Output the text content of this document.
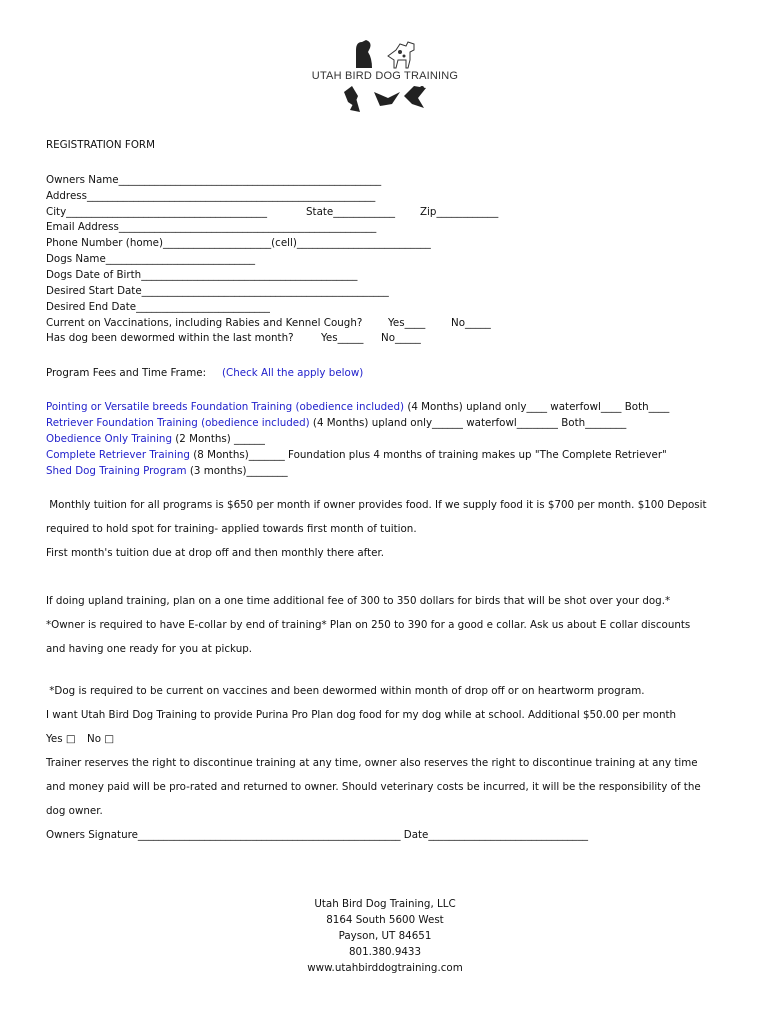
UTAH BIRD DOG TRAINING
REGISTRATION FORM
Owners Name___________________________________________________
Address________________________________________________________
City_______________________________________	State____________ Zip____________
Email Address__________________________________________________
Phone Number (home)_____________________(cell)__________________________
Dogs Name_____________________________
Dogs Date of Birth__________________________________________
Desired Start Date________________________________________________
Desired End Date__________________________
Current on Vaccinations, including Rabies and Kennel Cough? Yes____	No_____
Has dog been dewormed within the last month?	Yes_____ No_____
Program Fees and Time Frame: (Check All the apply below)
Pointing or Versatile breeds Foundation Training (obedience included) (4 Months) upland only____ waterfowl____ Both____
Retriever Foundation Training (obedience included) (4 Months) upland only______ waterfowl________ Both________
Obedience Only Training (2 Months) ______
Complete Retriever Training (8 Months)_______ Foundation plus 4 months of training makes up "The Complete Retriever"
Shed Dog Training Program (3 months)________
Monthly tuition for all programs is $650 per month if owner provides food. If we supply food it is $700 per month. $100 Deposit
required to hold spot for training- applied towards first month of tuition.
First month's tuition due at drop off and then monthly there after.
If doing upland training, plan on a one time additional fee of 300 to 350 dollars for birds that will be shot over your dog.*
*Owner is required to have E-collar by end of training* Plan on 250 to 390 for a good e collar. Ask us about E collar discounts
and having one ready for you at pickup.
*Dog is required to be current on vaccines and been dewormed within month of drop off or on heartworm program.
I want Utah Bird Dog Training to provide Purina Pro Plan dog food for my dog while at school. Additional $50.00 per month
Yes □ No □
Trainer reserves the right to discontinue training at any time, owner also reserves the right to discontinue training at any time
and money paid will be pro-rated and returned to owner. Should veterinary costs be incurred, it will be the responsibility of the
dog owner.
Owners Signature___________________________________________________ Date_______________________________
Utah Bird Dog Training, LLC
8164 South 5600 West
Payson, UT 84651
801.380.9433
www.utahbirddogtraining.com
